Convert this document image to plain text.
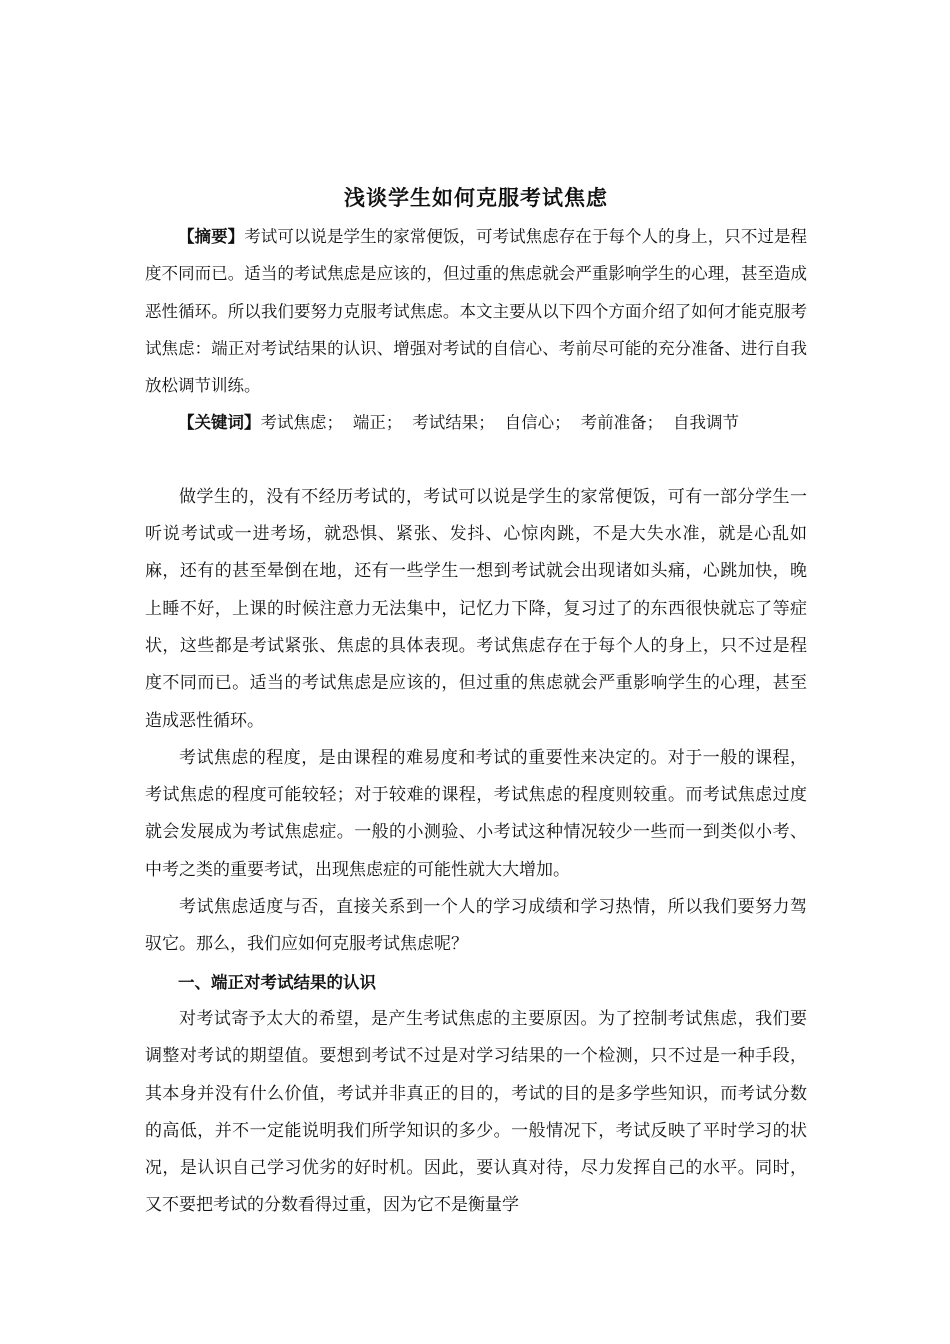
浅谈学生如何克服考试焦虑

【摘要】考试可以说是学生的家常便饭，可考试焦虑存在于每个人的身上，只不过是程度不同而已。适当的考试焦虑是应该的，但过重的焦虑就会严重影响学生的心理，甚至造成恶性循环。所以我们要努力克服考试焦虑。本文主要从以下四个方面介绍了如何才能克服考试焦虑：端正对考试结果的认识、增强对考试的自信心、考前尽可能的充分准备、进行自我放松调节训练。

【关键词】考试焦虑； 端正； 考试结果； 自信心； 考前准备； 自我调节

做学生的，没有不经历考试的，考试可以说是学生的家常便饭，可有一部分学生一听说考试或一进考场，就恐惧、紧张、发抖、心惊肉跳，不是大失水准，就是心乱如麻，还有的甚至晕倒在地，还有一些学生一想到考试就会出现诸如头痛，心跳加快，晚上睡不好，上课的时候注意力无法集中，记忆力下降，复习过了的东西很快就忘了等症状，这些都是考试紧张、焦虑的具体表现。考试焦虑存在于每个人的身上，只不过是程度不同而已。适当的考试焦虑是应该的，但过重的焦虑就会严重影响学生的心理，甚至造成恶性循环。

考试焦虑的程度，是由课程的难易度和考试的重要性来决定的。对于一般的课程，考试焦虑的程度可能较轻；对于较难的课程，考试焦虑的程度则较重。而考试焦虑过度就会发展成为考试焦虑症。一般的小测验、小考试这种情况较少一些而一到类似小考、中考之类的重要考试，出现焦虑症的可能性就大大增加。

考试焦虑适度与否，直接关系到一个人的学习成绩和学习热情，所以我们要努力驾驭它。那么，我们应如何克服考试焦虑呢？

一、端正对考试结果的认识

对考试寄予太大的希望，是产生考试焦虑的主要原因。为了控制考试焦虑，我们要调整对考试的期望值。要想到考试不过是对学习结果的一个检测，只不过是一种手段，其本身并没有什么价值，考试并非真正的目的，考试的目的是多学些知识，而考试分数的高低，并不一定能说明我们所学知识的多少。一般情况下，考试反映了平时学习的状况，是认识自己学习优劣的好时机。因此，要认真对待，尽力发挥自己的水平。同时，又不要把考试的分数看得过重，因为它不是衡量学
